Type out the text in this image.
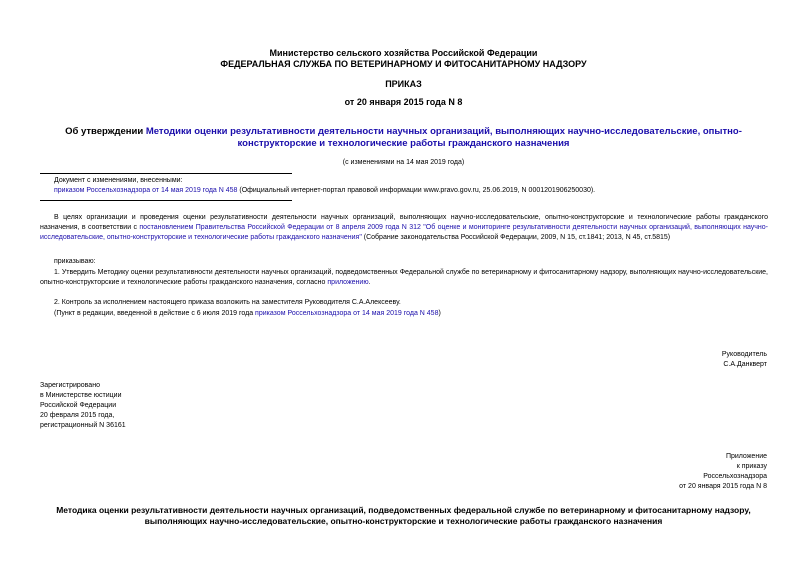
Министерство сельского хозяйства Российской Федерации
ФЕДЕРАЛЬНАЯ СЛУЖБА ПО ВЕТЕРИНАРНОМУ И ФИТОСАНИТАРНОМУ НАДЗОРУ
ПРИКАЗ
от 20 января 2015 года N 8
Об утверждении Методики оценки результативности деятельности научных организаций, выполняющих научно-исследовательские, опытно-конструкторские и технологические работы гражданского назначения
(с изменениями на 14 мая 2019 года)
Документ с изменениями, внесенными:
приказом Россельхознадзора от 14 мая 2019 года N 458 (Официальный интернет-портал правовой информации www.pravo.gov.ru, 25.06.2019, N 0001201906250030).
В целях организации и проведения оценки результативности деятельности научных организаций, выполняющих научно-исследовательские, опытно-конструкторские и технологические работы гражданского назначения, в соответствии с постановлением Правительства Российской Федерации от 8 апреля 2009 года N 312 "Об оценке и мониторинге результативности деятельности научных организаций, выполняющих научно-исследовательские, опытно-конструкторские и технологические работы гражданского назначения" (Собрание законодательства Российской Федерации, 2009, N 15, ст.1841; 2013, N 45, ст.5815)
приказываю:
1. Утвердить Методику оценки результативности деятельности научных организаций, подведомственных Федеральной службе по ветеринарному и фитосанитарному надзору, выполняющих научно-исследовательские, опытно-конструкторские и технологические работы гражданского назначения, согласно приложению.
2. Контроль за исполнением настоящего приказа возложить на заместителя Руководителя С.А.Алексееву.
(Пункт в редакции, введенной в действие с 6 июля 2019 года приказом Россельхознадзора от 14 мая 2019 года N 458)
Руководитель
С.А.Данкверт
Зарегистрировано
в Министерстве юстиции
Российской Федерации
20 февраля 2015 года,
регистрационный N 36161
Приложение
к приказу
Россельхознадзора
от 20 января 2015 года N 8
Методика оценки результативности деятельности научных организаций, подведомственных федеральной службе по ветеринарному и фитосанитарному надзору,
выполняющих научно-исследовательские, опытно-конструкторские и технологические работы гражданского назначения
